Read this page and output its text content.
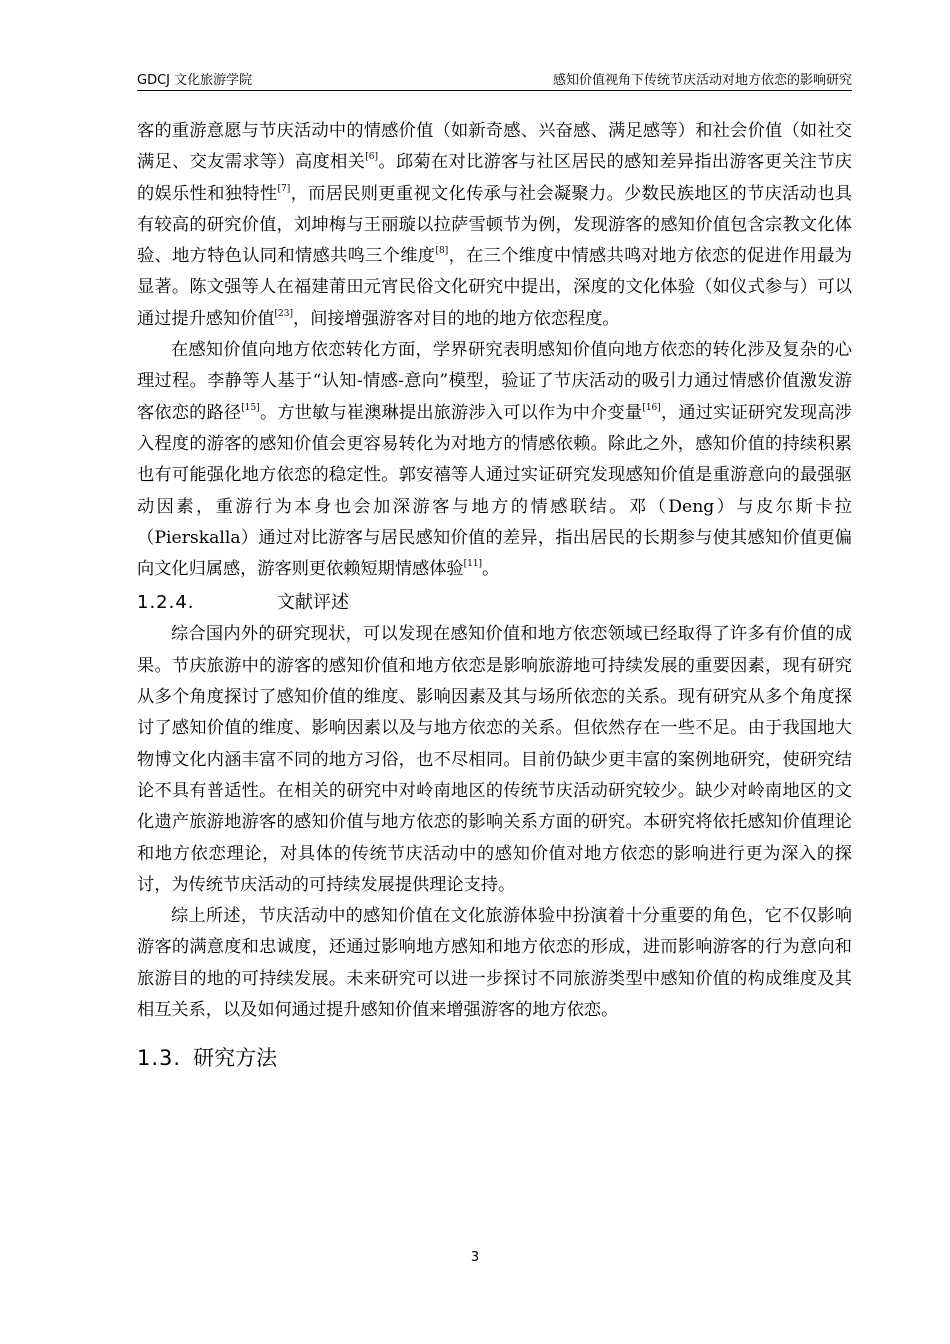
GDCJ 文化旅游学院	感知价值视角下传统节庆活动对地方依恋的影响研究

客的重游意愿与节庆活动中的情感价值（如新奇感、兴奋感、满足感等）和社会价值（如社交满足、交友需求等）高度相关[6]。邱菊在对比游客与社区居民的感知差异指出游客更关注节庆的娱乐性和独特性[7]，而居民则更重视文化传承与社会凝聚力。少数民族地区的节庆活动也具有较高的研究价值，刘坤梅与王丽璇以拉萨雪顿节为例，发现游客的感知价值包含宗教文化体验、地方特色认同和情感共鸣三个维度[8]，在三个维度中情感共鸣对地方依恋的促进作用最为显著。陈文强等人在福建莆田元宵民俗文化研究中提出，深度的文化体验（如仪式参与）可以通过提升感知价值[23]，间接增强游客对目的地的地方依恋程度。

在感知价值向地方依恋转化方面，学界研究表明感知价值向地方依恋的转化涉及复杂的心理过程。李静等人基于“认知-情感-意向”模型，验证了节庆活动的吸引力通过情感价值激发游客依恋的路径[15]。方世敏与崔澳琳提出旅游涉入可以作为中介变量[16]，通过实证研究发现高涉入程度的游客的感知价值会更容易转化为对地方的情感依赖。除此之外，感知价值的持续积累也有可能强化地方依恋的稳定性。郭安禧等人通过实证研究发现感知价值是重游意向的最强驱动因素，重游行为本身也会加深游客与地方的情感联结。邓（Deng）与皮尔斯卡拉（Pierskalla）通过对比游客与居民感知价值的差异，指出居民的长期参与使其感知价值更偏向文化归属感，游客则更依赖短期情感体验[11]。

1.2.4.	文献评述

综合国内外的研究现状，可以发现在感知价值和地方依恋领域已经取得了许多有价值的成果。节庆旅游中的游客的感知价值和地方依恋是影响旅游地可持续发展的重要因素，现有研究从多个角度探讨了感知价值的维度、影响因素及其与场所依恋的关系。现有研究从多个角度探讨了感知价值的维度、影响因素以及与地方依恋的关系。但依然存在一些不足。由于我国地大物博文化内涵丰富不同的地方习俗，也不尽相同。目前仍缺少更丰富的案例地研究，使研究结论不具有普适性。在相关的研究中对岭南地区的传统节庆活动研究较少。缺少对岭南地区的文化遗产旅游地游客的感知价值与地方依恋的影响关系方面的研究。本研究将依托感知价值理论和地方依恋理论，对具体的传统节庆活动中的感知价值对地方依恋的影响进行更为深入的探讨，为传统节庆活动的可持续发展提供理论支持。

综上所述，节庆活动中的感知价值在文化旅游体验中扮演着十分重要的角色，它不仅影响游客的满意度和忠诚度，还通过影响地方感知和地方依恋的形成，进而影响游客的行为意向和旅游目的地的可持续发展。未来研究可以进一步探讨不同旅游类型中感知价值的构成维度及其相互关系，以及如何通过提升感知价值来增强游客的地方依恋。

1.3. 研究方法
3
